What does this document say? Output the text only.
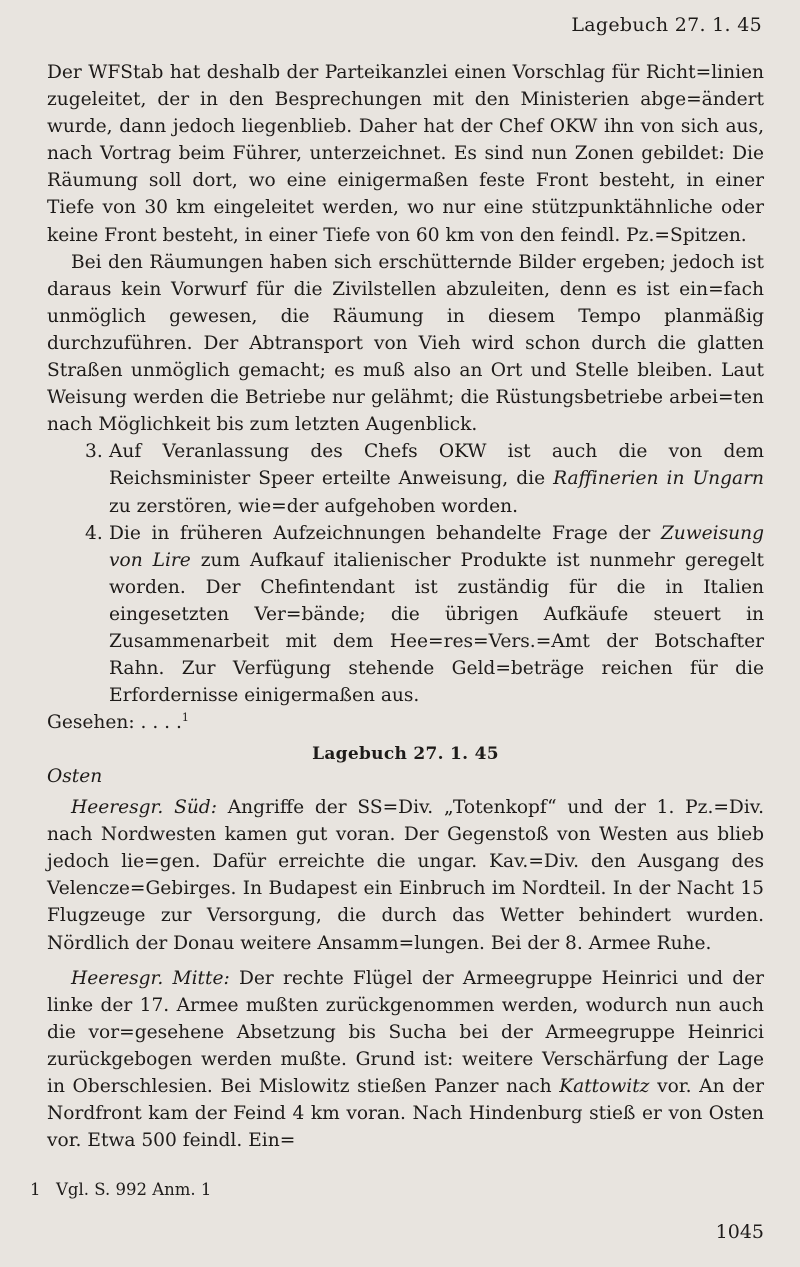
Lagebuch 27. 1. 45

Der WFStab hat deshalb der Parteikanzlei einen Vorschlag für Richt=linien zugeleitet, der in den Besprechungen mit den Ministerien abge=ändert wurde, dann jedoch liegenblieb. Daher hat der Chef OKW ihn von sich aus, nach Vortrag beim Führer, unterzeichnet. Es sind nun Zonen gebildet: Die Räumung soll dort, wo eine einigermaßen feste Front besteht, in einer Tiefe von 30 km eingeleitet werden, wo nur eine stützpunktähnliche oder keine Front besteht, in einer Tiefe von 60 km von den feindl. Pz.=Spitzen.

Bei den Räumungen haben sich erschütternde Bilder ergeben; jedoch ist daraus kein Vorwurf für die Zivilstellen abzuleiten, denn es ist ein=fach unmöglich gewesen, die Räumung in diesem Tempo planmäßig durchzuführen. Der Abtransport von Vieh wird schon durch die glatten Straßen unmöglich gemacht; es muß also an Ort und Stelle bleiben. Laut Weisung werden die Betriebe nur gelähmt; die Rüstungsbetriebe arbei=ten nach Möglichkeit bis zum letzten Augenblick.

3. Auf Veranlassung des Chefs OKW ist auch die von dem Reichsminister Speer erteilte Anweisung, die Raffinerien in Ungarn zu zerstören, wie=der aufgehoben worden.

4. Die in früheren Aufzeichnungen behandelte Frage der Zuweisung von Lire zum Aufkauf italienischer Produkte ist nunmehr geregelt worden. Der Chefintendant ist zuständig für die in Italien eingesetzten Ver=bände; die übrigen Aufkäufe steuert in Zusammenarbeit mit dem Hee=res=Vers.=Amt der Botschafter Rahn. Zur Verfügung stehende Geld=beträge reichen für die Erfordernisse einigermaßen aus.

Gesehen: . . . .$^1$

Lagebuch 27. 1. 45

Osten

Heeresgr. Süd: Angriffe der SS=Div. „Totenkopf“ und der 1. Pz.=Div. nach Nordwesten kamen gut voran. Der Gegenstoß von Westen aus blieb jedoch lie=gen. Dafür erreichte die ungar. Kav.=Div. den Ausgang des Velencze=Gebirges. In Budapest ein Einbruch im Nordteil. In der Nacht 15 Flugzeuge zur Versorgung, die durch das Wetter behindert wurden. Nördlich der Donau weitere Ansamm=lungen. Bei der 8. Armee Ruhe.

Heeresgr. Mitte: Der rechte Flügel der Armeegruppe Heinrici und der linke der 17. Armee mußten zurückgenommen werden, wodurch nun auch die vor=gesehene Absetzung bis Sucha bei der Armeegruppe Heinrici zurückgebogen werden mußte. Grund ist: weitere Verschärfung der Lage in Oberschlesien. Bei Mislowitz stießen Panzer nach Kattowitz vor. An der Nordfront kam der Feind 4 km voran. Nach Hindenburg stieß er von Osten vor. Etwa 500 feindl. Ein=

1 Vgl. S. 992 Anm. 1
1045
